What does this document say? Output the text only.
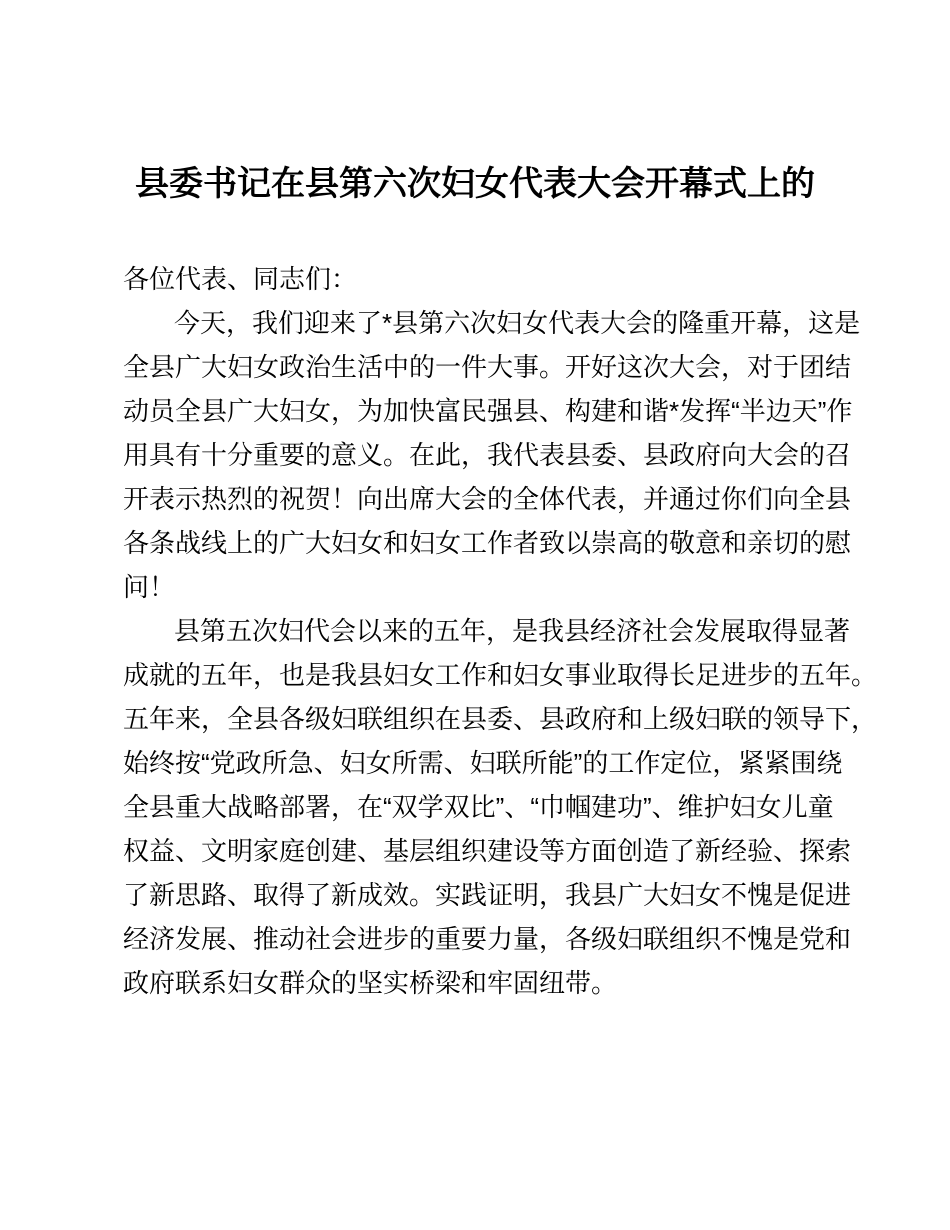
县委书记在县第六次妇女代表大会开幕式上的
各位代表、同志们：
今天，我们迎来了*县第六次妇女代表大会的隆重开幕，这是
全县广大妇女政治生活中的一件大事。开好这次大会，对于团结
动员全县广大妇女，为加快富民强县、构建和谐*发挥“半边天”作
用具有十分重要的意义。在此，我代表县委、县政府向大会的召
开表示热烈的祝贺！向出席大会的全体代表，并通过你们向全县
各条战线上的广大妇女和妇女工作者致以崇高的敬意和亲切的慰
问！
县第五次妇代会以来的五年，是我县经济社会发展取得显著
成就的五年，也是我县妇女工作和妇女事业取得长足进步的五年。
五年来，全县各级妇联组织在县委、县政府和上级妇联的领导下，
始终按“党政所急、妇女所需、妇联所能”的工作定位，紧紧围绕
全县重大战略部署，在“双学双比”、“巾帼建功”、维护妇女儿童
权益、文明家庭创建、基层组织建设等方面创造了新经验、探索
了新思路、取得了新成效。实践证明，我县广大妇女不愧是促进
经济发展、推动社会进步的重要力量，各级妇联组织不愧是党和
政府联系妇女群众的坚实桥梁和牢固纽带。
